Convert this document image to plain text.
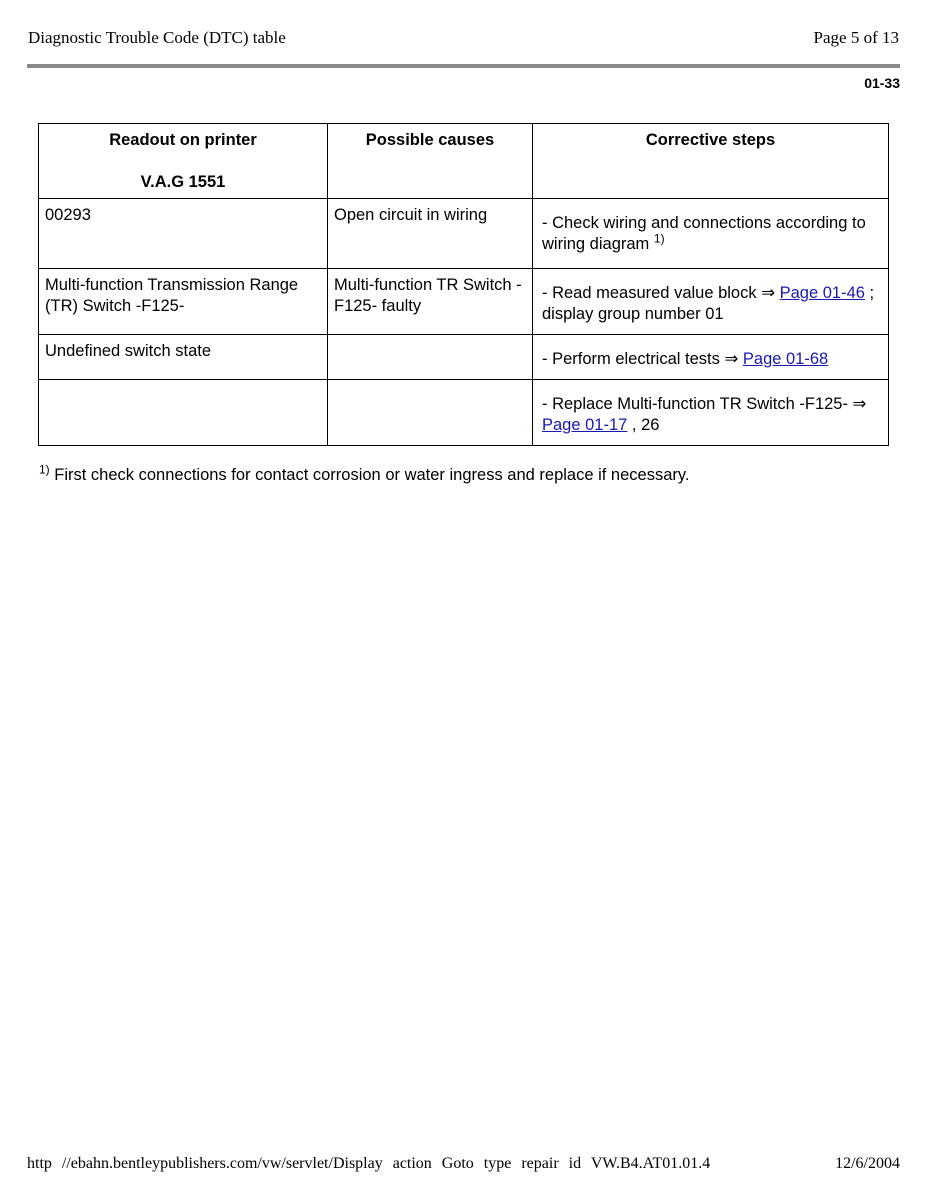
Diagnostic Trouble Code (DTC) table	Page 5 of 13
01-33
Readout on printer
V.A.G 1551	Possible causes	Corrective steps
00293	Open circuit in wiring	- Check wiring and connections according to wiring diagram $^{1)}$
Multi-function Transmission Range (TR) Switch -F125-	Multi-function TR Switch -F125- faulty	- Read measured value block ⇒ Page 01-46 ; display group number 01
Undefined switch state		- Perform electrical tests ⇒ Page 01-68
		- Replace Multi-function TR Switch -F125- ⇒ Page 01-17 , 26
$^{1)}$ First check connections for contact corrosion or water ingress and replace if necessary.
http //ebahn.bentleypublishers.com/vw/servlet/Display action Goto type repair id VW.B4.AT01.01.4	12/6/2004
